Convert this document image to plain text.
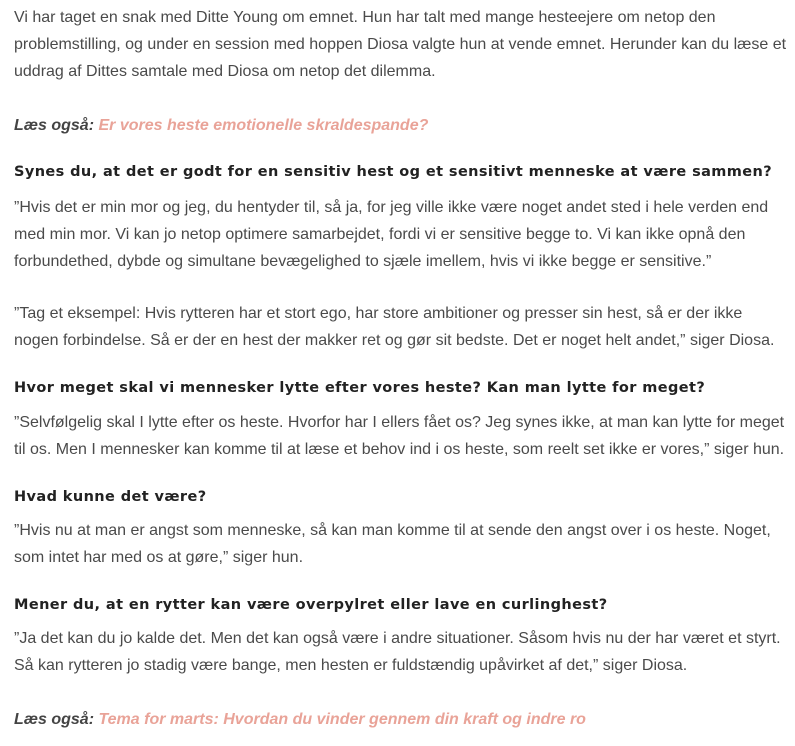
Vi har taget en snak med Ditte Young om emnet. Hun har talt med mange hesteejere om netop den problemstilling, og under en session med hoppen Diosa valgte hun at vende emnet. Herunder kan du læse et uddrag af Dittes samtale med Diosa om netop det dilemma.

Læs også: Er vores heste emotionelle skraldespande?

Synes du, at det er godt for en sensitiv hest og et sensitivt menneske at være sammen?

”Hvis det er min mor og jeg, du hentyder til, så ja, for jeg ville ikke være noget andet sted i hele verden end med min mor. Vi kan jo netop optimere samarbejdet, fordi vi er sensitive begge to. Vi kan ikke opnå den forbundethed, dybde og simultane bevægelighed to sjæle imellem, hvis vi ikke begge er sensitive.”

”Tag et eksempel: Hvis rytteren har et stort ego, har store ambitioner og presser sin hest, så er der ikke nogen forbindelse. Så er der en hest der makker ret og gør sit bedste. Det er noget helt andet,” siger Diosa.

Hvor meget skal vi mennesker lytte efter vores heste? Kan man lytte for meget?

”Selvfølgelig skal I lytte efter os heste. Hvorfor har I ellers fået os? Jeg synes ikke, at man kan lytte for meget til os. Men I mennesker kan komme til at læse et behov ind i os heste, som reelt set ikke er vores,” siger hun.

Hvad kunne det være?

”Hvis nu at man er angst som menneske, så kan man komme til at sende den angst over i os heste. Noget, som intet har med os at gøre,” siger hun.

Mener du, at en rytter kan være overpylret eller lave en curlinghest?

”Ja det kan du jo kalde det. Men det kan også være i andre situationer. Såsom hvis nu der har været et styrt. Så kan rytteren jo stadig være bange, men hesten er fuldstændig upåvirket af det,” siger Diosa.

Læs også: Tema for marts: Hvordan du vinder gennem din kraft og indre ro
